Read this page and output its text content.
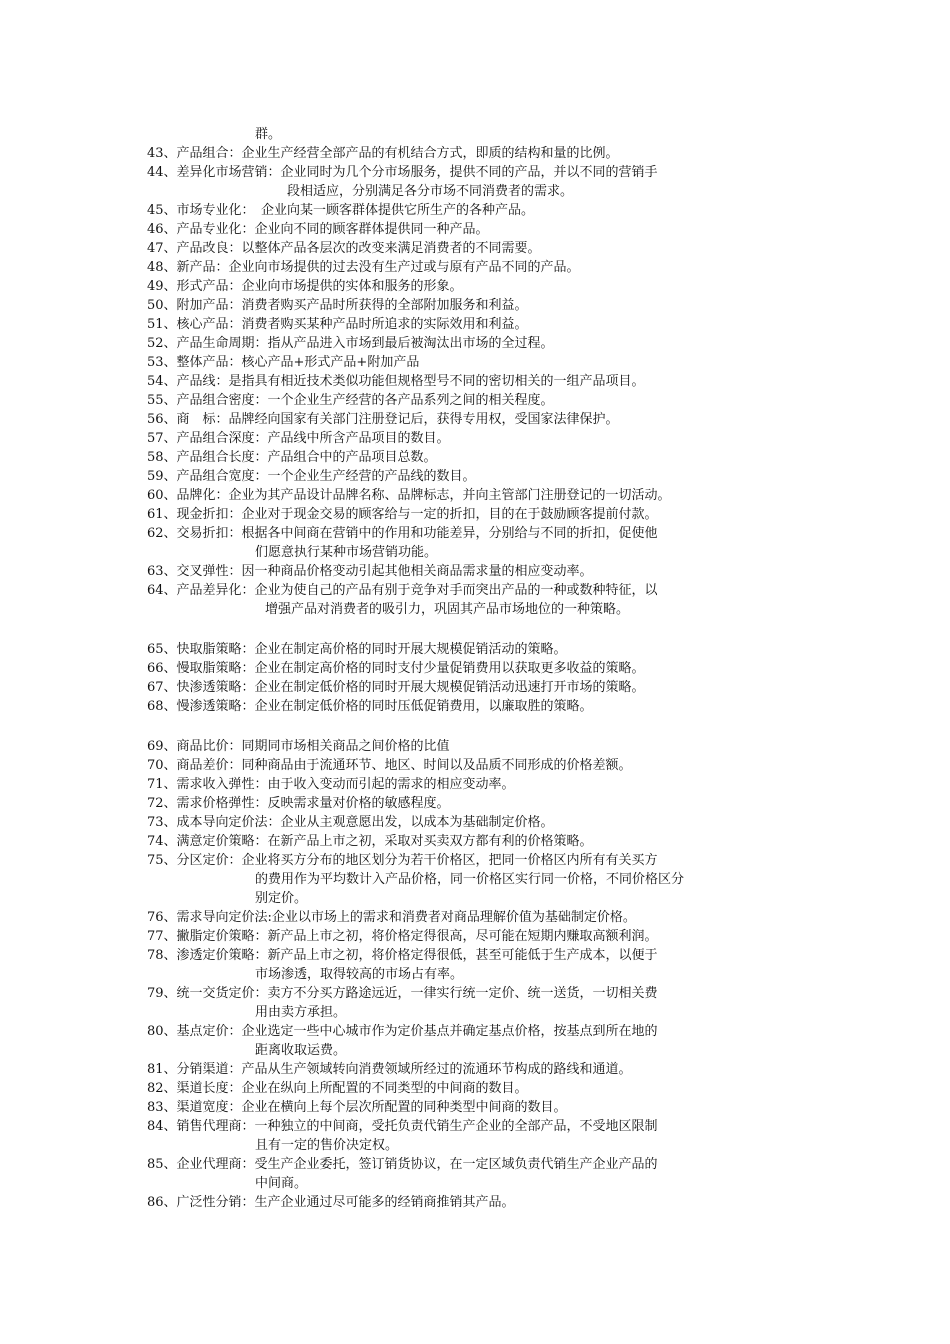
群。
43、产品组合：企业生产经营全部产品的有机结合方式，即质的结构和量的比例。
44、差异化市场营销：企业同时为几个分市场服务，提供不同的产品，并以不同的营销手
段相适应，分别满足各分市场不同消费者的需求。
45、市场专业化：　企业向某一顾客群体提供它所生产的各种产品。
46、产品专业化：企业向不同的顾客群体提供同一种产品。
47、产品改良：以整体产品各层次的改变来满足消费者的不同需要。
48、新产品：企业向市场提供的过去没有生产过或与原有产品不同的产品。
49、形式产品：企业向市场提供的实体和服务的形象。
50、附加产品：消费者购买产品时所获得的全部附加服务和利益。
51、核心产品：消费者购买某种产品时所追求的实际效用和利益。
52、产品生命周期：指从产品进入市场到最后被淘汰出市场的全过程。
53、整体产品：核心产品+形式产品+附加产品
54、产品线：是指具有相近技术类似功能但规格型号不同的密切相关的一组产品项目。
55、产品组合密度：一个企业生产经营的各产品系列之间的相关程度。
56、商　标：品牌经向国家有关部门注册登记后，获得专用权，受国家法律保护。
57、产品组合深度：产品线中所含产品项目的数目。
58、产品组合长度：产品组合中的产品项目总数。
59、产品组合宽度：一个企业生产经营的产品线的数目。
60、品牌化：企业为其产品设计品牌名称、品牌标志，并向主管部门注册登记的一切活动。
61、现金折扣：企业对于现金交易的顾客给与一定的折扣，目的在于鼓励顾客提前付款。
62、交易折扣：根据各中间商在营销中的作用和功能差异，分别给与不同的折扣，促使他
们愿意执行某种市场营销功能。
63、交叉弹性：因一种商品价格变动引起其他相关商品需求量的相应变动率。
64、产品差异化：企业为使自己的产品有别于竞争对手而突出产品的一种或数种特征，以
增强产品对消费者的吸引力，巩固其产品市场地位的一种策略。
65、快取脂策略：企业在制定高价格的同时开展大规模促销活动的策略。
66、慢取脂策略：企业在制定高价格的同时支付少量促销费用以获取更多收益的策略。
67、快渗透策略：企业在制定低价格的同时开展大规模促销活动迅速打开市场的策略。
68、慢渗透策略：企业在制定低价格的同时压低促销费用，以廉取胜的策略。
69、商品比价：同期同市场相关商品之间价格的比值
70、商品差价：同种商品由于流通环节、地区、时间以及品质不同形成的价格差额。
71、需求收入弹性：由于收入变动而引起的需求的相应变动率。
72、需求价格弹性：反映需求量对价格的敏感程度。
73、成本导向定价法：企业从主观意愿出发，以成本为基础制定价格。
74、满意定价策略：在新产品上市之初，采取对买卖双方都有利的价格策略。
75、分区定价：企业将买方分布的地区划分为若干价格区，把同一价格区内所有有关买方
的费用作为平均数计入产品价格，同一价格区实行同一价格，不同价格区分
别定价。
76、需求导向定价法:企业以市场上的需求和消费者对商品理解价值为基础制定价格。
77、撇脂定价策略：新产品上市之初，将价格定得很高，尽可能在短期内赚取高额利润。
78、渗透定价策略：新产品上市之初，将价格定得很低，甚至可能低于生产成本，以便于
市场渗透，取得较高的市场占有率。
79、统一交货定价：卖方不分买方路途远近，一律实行统一定价、统一送货，一切相关费
用由卖方承担。
80、基点定价：企业选定一些中心城市作为定价基点并确定基点价格，按基点到所在地的
距离收取运费。
81、分销渠道：产品从生产领域转向消费领域所经过的流通环节构成的路线和通道。
82、渠道长度：企业在纵向上所配置的不同类型的中间商的数目。
83、渠道宽度：企业在横向上每个层次所配置的同种类型中间商的数目。
84、销售代理商：一种独立的中间商，受托负责代销生产企业的全部产品，不受地区限制
且有一定的售价决定权。
85、企业代理商：受生产企业委托，签订销货协议，在一定区域负责代销生产企业产品的
中间商。
86、广泛性分销：生产企业通过尽可能多的经销商推销其产品。
